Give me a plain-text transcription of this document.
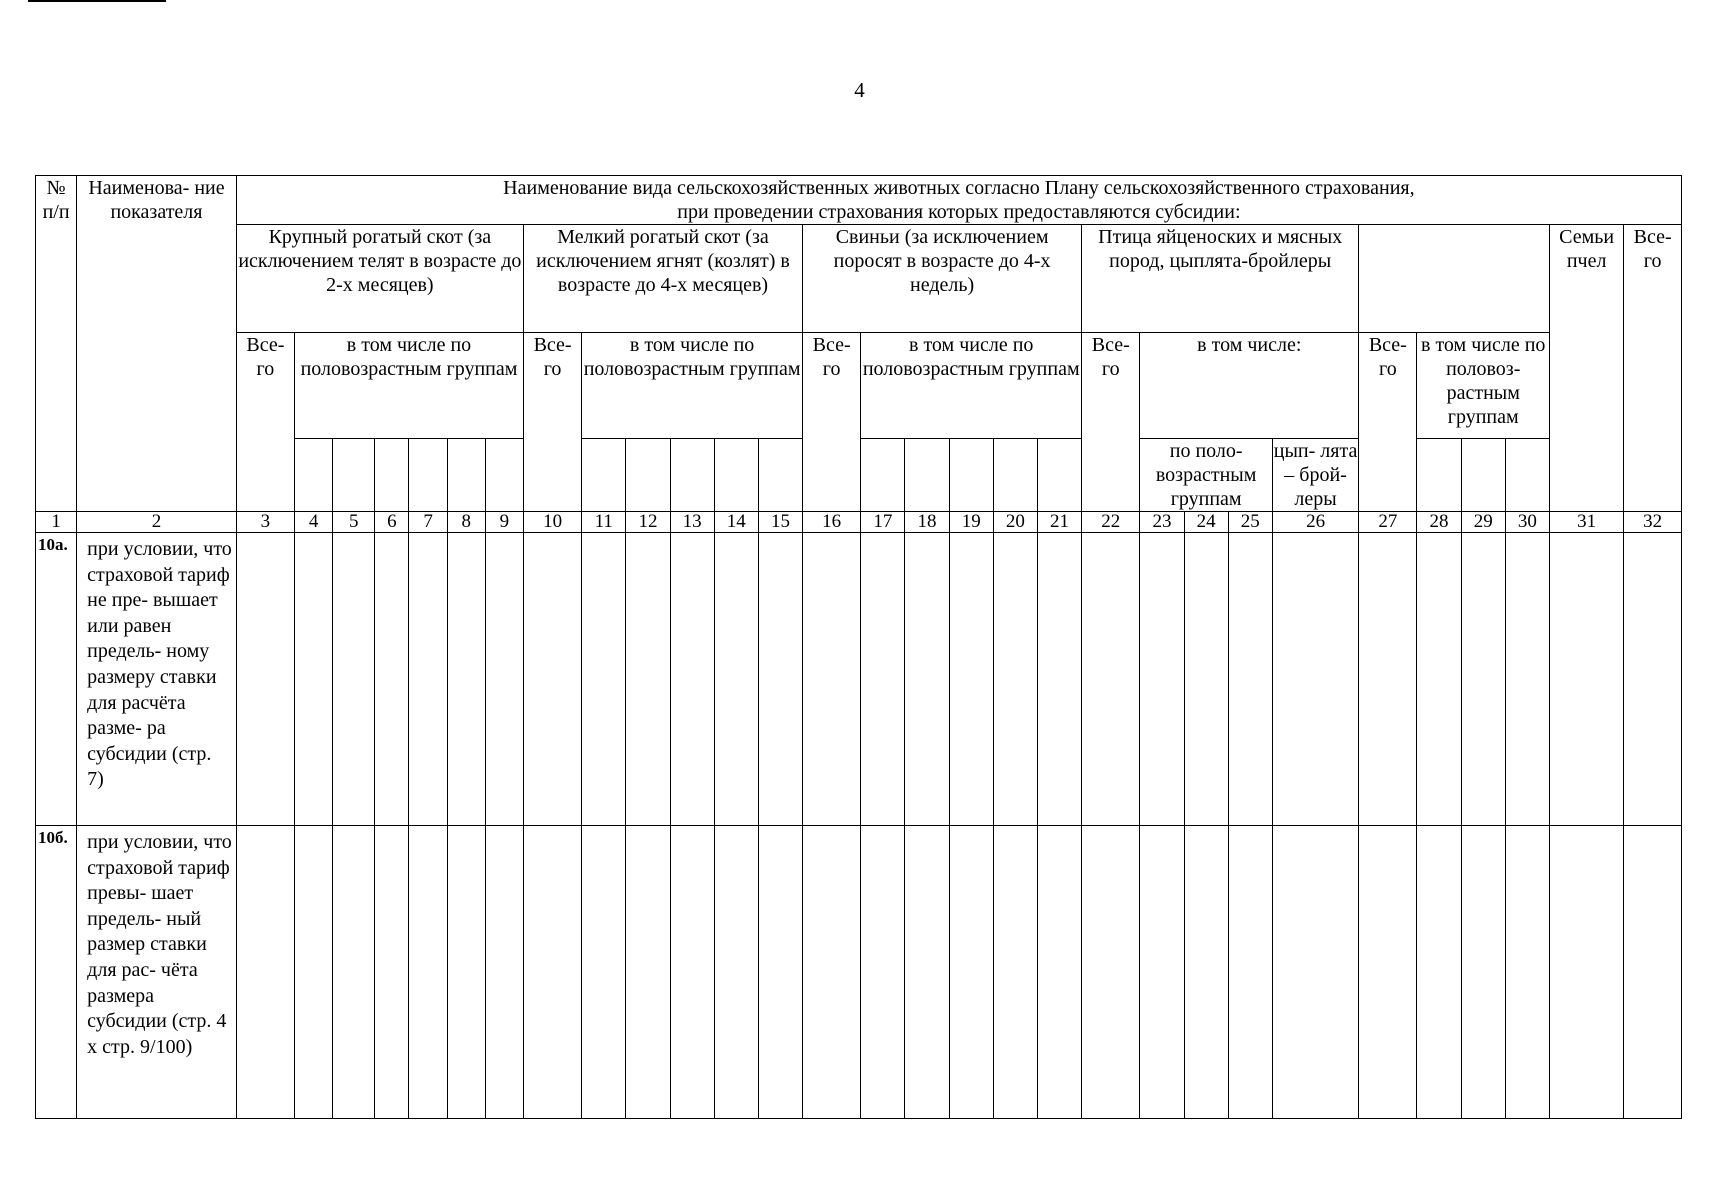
4
№ п/п	Наименова- ние показателя	Наименование вида сельскохозяйственных животных согласно Плану сельскохозяйственного страхования,
при проведении страхования которых предоставляются субсидии:																													

		Крупный рогатый скот (за исключением телят в возрасте до 2-х месяцев)							Мелкий рогатый скот (за исключением ягнят (козлят) в возрасте до 4-х месяцев)						Свиньи (за исключением поросят в возрасте до 4-х недель)						Птица яйценоских и мясных пород, цыплята-бройлеры									Семьи пчел	Все- го
		Все- го	в том числе по половозрастным группам						Все- го	в том числе по половозрастным группам					Все- го	в том числе по половозрастным группам					Все- го	в том числе:				Все- го	в том числе по половоз- растным группам				
																						по поло- возрастным группам			цып- лята – брой- леры						
1	2	3	4	5	6	7	8	9	10	11	12	13	14	15	16	17	18	19	20	21	22	23	24	25	26	27	28	29	30	31	32
10а.	при условии, что страховой тариф не пре- вышает или равен предель- ному размеру ставки для расчёта разме- ра субсидии (стр. 7)																														
10б.	при условии, что страховой тариф превы- шает предель- ный размер ставки для рас- чёта размера субсидии (стр. 4 х стр. 9/100)																														
